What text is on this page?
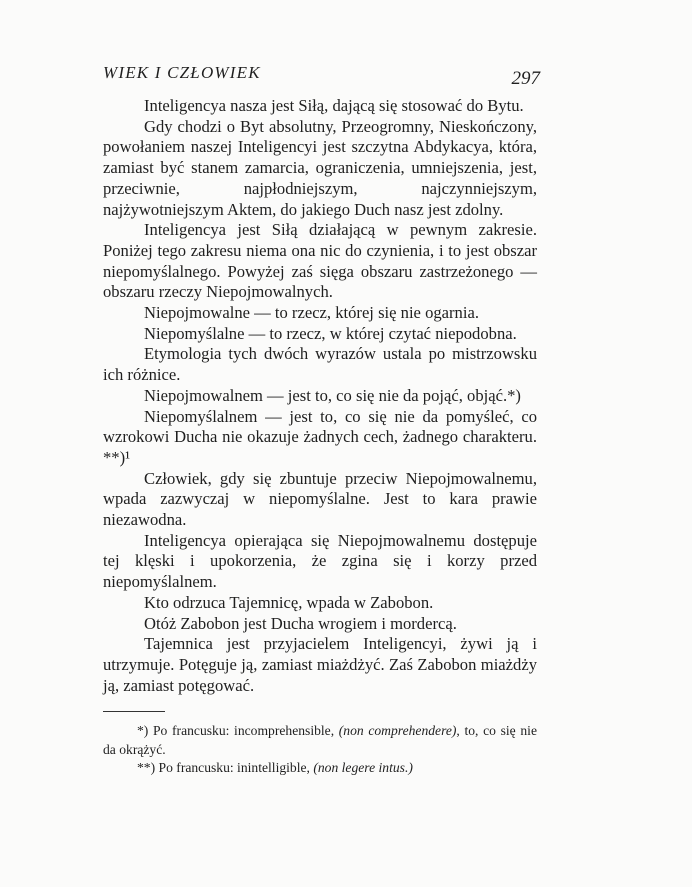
WIEK I CZŁOWIEK	297

Inteligencya nasza jest Siłą, dającą się stosować do Bytu.

Gdy chodzi o Byt absolutny, Przeogromny, Nieskończony, powołaniem naszej Inteligencyi jest szczytna Abdykacya, która, zamiast być stanem zamarcia, ograniczenia, umniejszenia, jest, przeciwnie, najpłodniejszym, najczynniejszym, najżywotniejszym Aktem, do jakiego Duch nasz jest zdolny.

Inteligencya jest Siłą działającą w pewnym zakresie. Poniżej tego zakresu niema ona nic do czynienia, i to jest obszar niepomyślalnego. Powyżej zaś sięga obszaru zastrzeżonego — obszaru rzeczy Niepojmowalnych.

Niepojmowalne — to rzecz, której się nie ogarnia.

Niepomyślalne — to rzecz, w której czytać niepodobna.

Etymologia tych dwóch wyrazów ustala po mistrzowsku ich różnice.

Niepojmowalnem — jest to, co się nie da pojąć, objąć.*)

Niepomyślalnem — jest to, co się nie da pomyśleć, co wzrokowi Ducha nie okazuje żadnych cech, żadnego charakteru. **)¹

Człowiek, gdy się zbuntuje przeciw Niepojmowalnemu, wpada zazwyczaj w niepomyślalne. Jest to kara prawie niezawodna.

Inteligencya opierająca się Niepojmowalnemu dostępuje tej klęski i upokorzenia, że zgina się i korzy przed niepomyślalnem.

Kto odrzuca Tajemnicę, wpada w Zabobon.

Otóż Zabobon jest Ducha wrogiem i mordercą.

Tajemnica jest przyjacielem Inteligencyi, żywi ją i utrzymuje. Potęguje ją, zamiast miażdżyć. Zaś Zabobon miażdży ją, zamiast potęgować.

*) Po francusku: incomprehensible, (non comprehendere), to, co się nie da okrążyć.

**) Po francusku: inintelligible, (non legere intus.)
